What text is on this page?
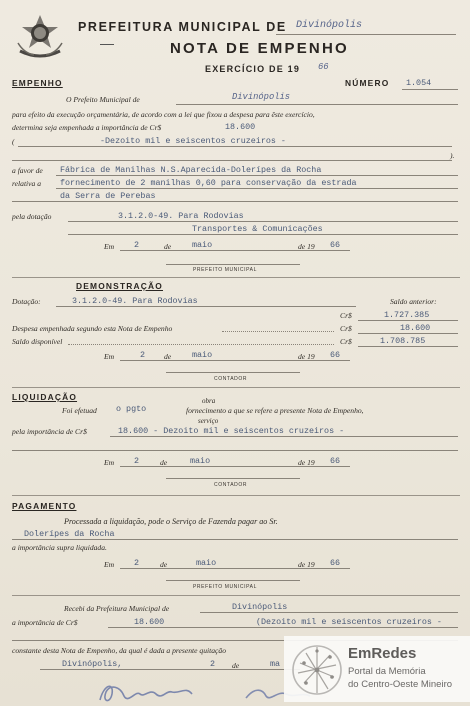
PREFEITURA MUNICIPAL DE Divinópolis
NOTA DE EMPENHO
EXERCÍCIO DE 19 66
EMPENHO	NÚMERO 1.054
O Prefeito Municipal de	Divinópolis
para efeito da execução orçamentária, de acordo com a lei que fixou a despesa para êste exercício,
determina seja empenhada a importância de Cr$	18.600
(	-Dezoito mil e seiscentos cruzeiros -
).
a favor de Fábrica de Manilhas N.S.Aparecida-Dolerípes da Rocha
relativa a fornecimento de 2 manilhas 0,60 para conservação da estrada
da Serra de Perebas
pela dotação	3.1.2.0-49. Para Rodovias
Transportes & Comunicações
Em 2	de maio	de 19 66
PREFEITO MUNICIPAL
DEMONSTRAÇÃO
Dotação:	3.1.2.0-49. Para Rodovias	Saldo anterior:
Cr$	1.727.385
Despesa empenhada segundo esta Nota de Empenho	Cr$	18.600
Saldo disponível	Cr$	1.708.785
Em	2 de maio	de 19 66
CONTADOR
LIQUIDAÇÃO	obra
Foi efetuad o pgto	fornecimento a que se refere a presente Nota de Empenho,
serviço
pela importância de Cr$	18.600 - Dezoito mil e seiscentos cruzeiros -
Em 2	de	maio	de 19 66
CONTADOR
PAGAMENTO
Processada a liquidação, pode o Serviço de Fazenda pagar ao Sr.
Dolerípes da Rocha
a importância supra liquidada.
Em 2	de	maio	de 19 66
PREFEITO MUNICIPAL
Recebi da Prefeitura Municipal de	Divinópolis
a importância de Cr$	18.600	(Dezoito mil e seiscentos cruzeiros -
constante desta Nota de Empenho, da qual é dada a presente quitação
Divinópolis,	2 de	ma
EmRedes
Portal da Memória
do Centro-Oeste Mineiro
